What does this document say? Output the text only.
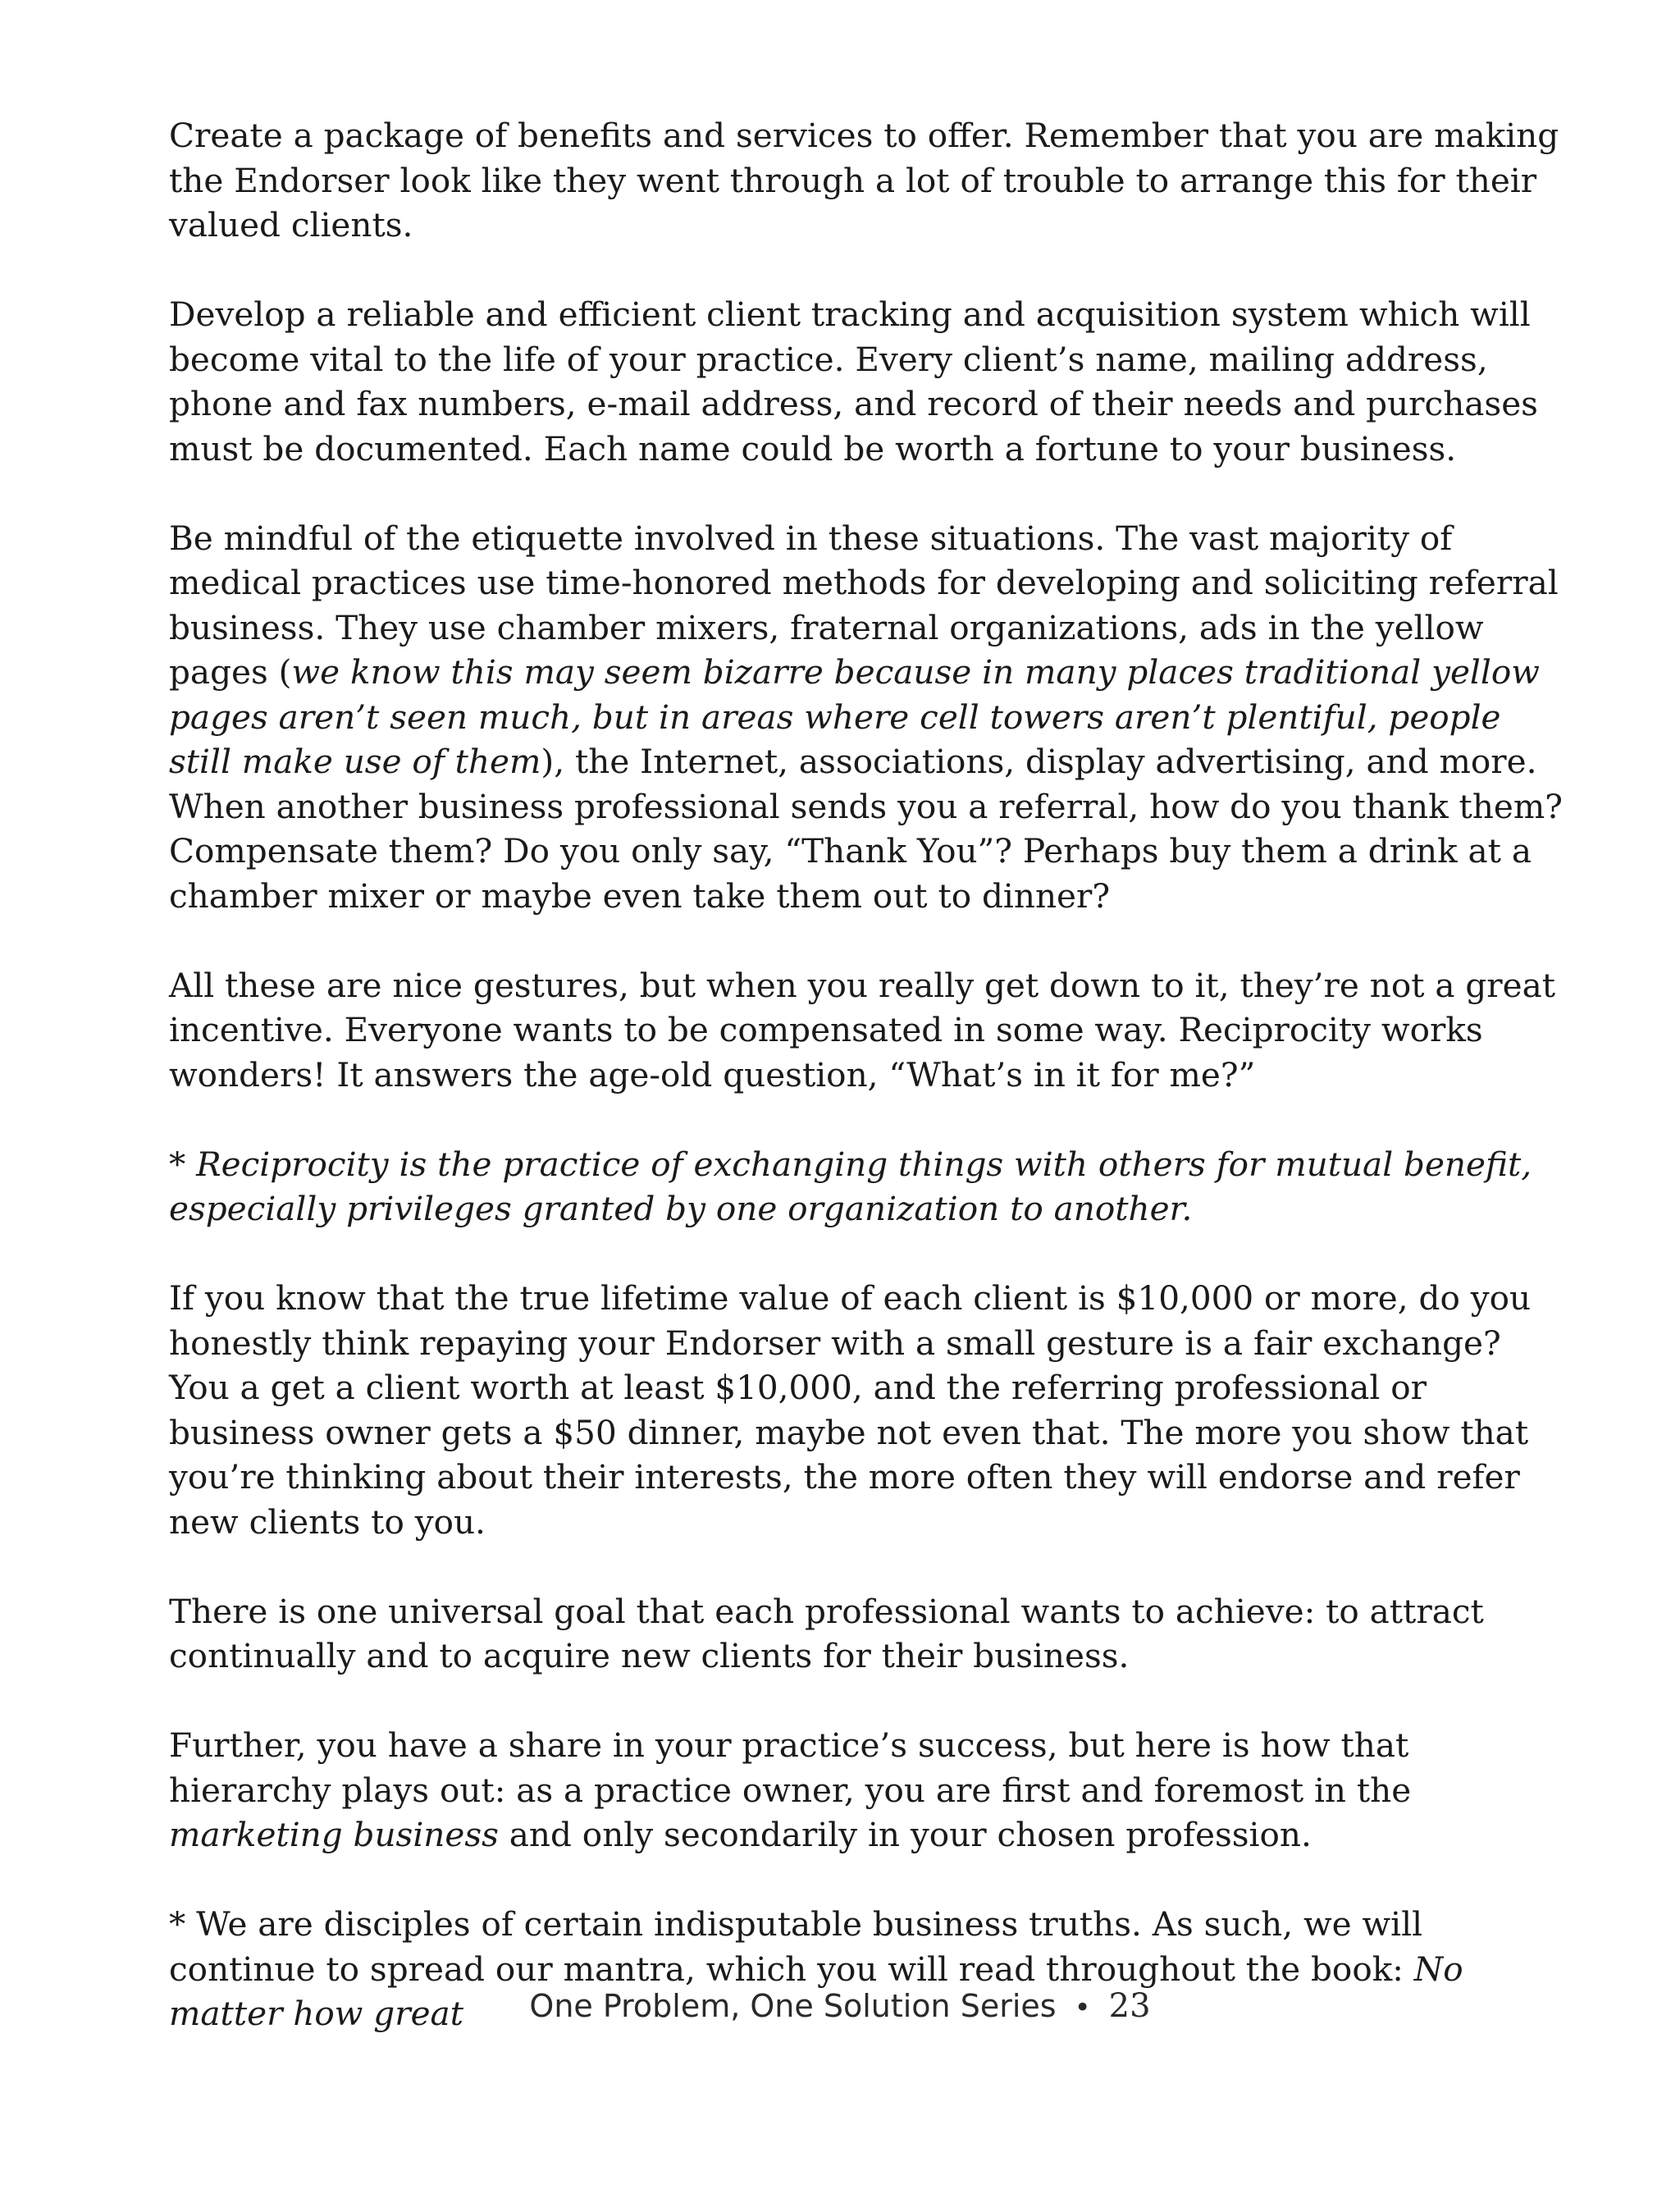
Create a package of benefits and services to offer. Remember that you are making the Endorser look like they went through a lot of trouble to arrange this for their valued clients.

Develop a reliable and efficient client tracking and acquisition system which will become vital to the life of your practice. Every client’s name, mailing address, phone and fax numbers, e-mail address, and record of their needs and purchases must be documented. Each name could be worth a fortune to your business.

Be mindful of the etiquette involved in these situations. The vast majority of medical practices use time-honored methods for developing and soliciting referral business. They use chamber mixers, fraternal organizations, ads in the yellow pages (we know this may seem bizarre because in many places traditional yellow pages aren’t seen much, but in areas where cell towers aren’t plentiful, people still make use of them), the Internet, associations, display advertising, and more. When another business professional sends you a referral, how do you thank them? Compensate them? Do you only say, “Thank You”? Perhaps buy them a drink at a chamber mixer or maybe even take them out to dinner?

All these are nice gestures, but when you really get down to it, they’re not a great incentive. Everyone wants to be compensated in some way. Reciprocity works wonders! It answers the age-old question, “What’s in it for me?”

* Reciprocity is the practice of exchanging things with others for mutual benefit, especially privileges granted by one organization to another.

If you know that the true lifetime value of each client is $10,000 or more, do you honestly think repaying your Endorser with a small gesture is a fair exchange? You a get a client worth at least $10,000, and the referring professional or business owner gets a $50 dinner, maybe not even that. The more you show that you’re thinking about their interests, the more often they will endorse and refer new clients to you.

There is one universal goal that each professional wants to achieve: to attract continually and to acquire new clients for their business.

Further, you have a share in your practice’s success, but here is how that hierarchy plays out: as a practice owner, you are first and foremost in the marketing business and only secondarily in your chosen profession.

* We are disciples of certain indisputable business truths. As such, we will continue to spread our mantra, which you will read throughout the book: No matter how great	One Problem, One Solution Series • 23
